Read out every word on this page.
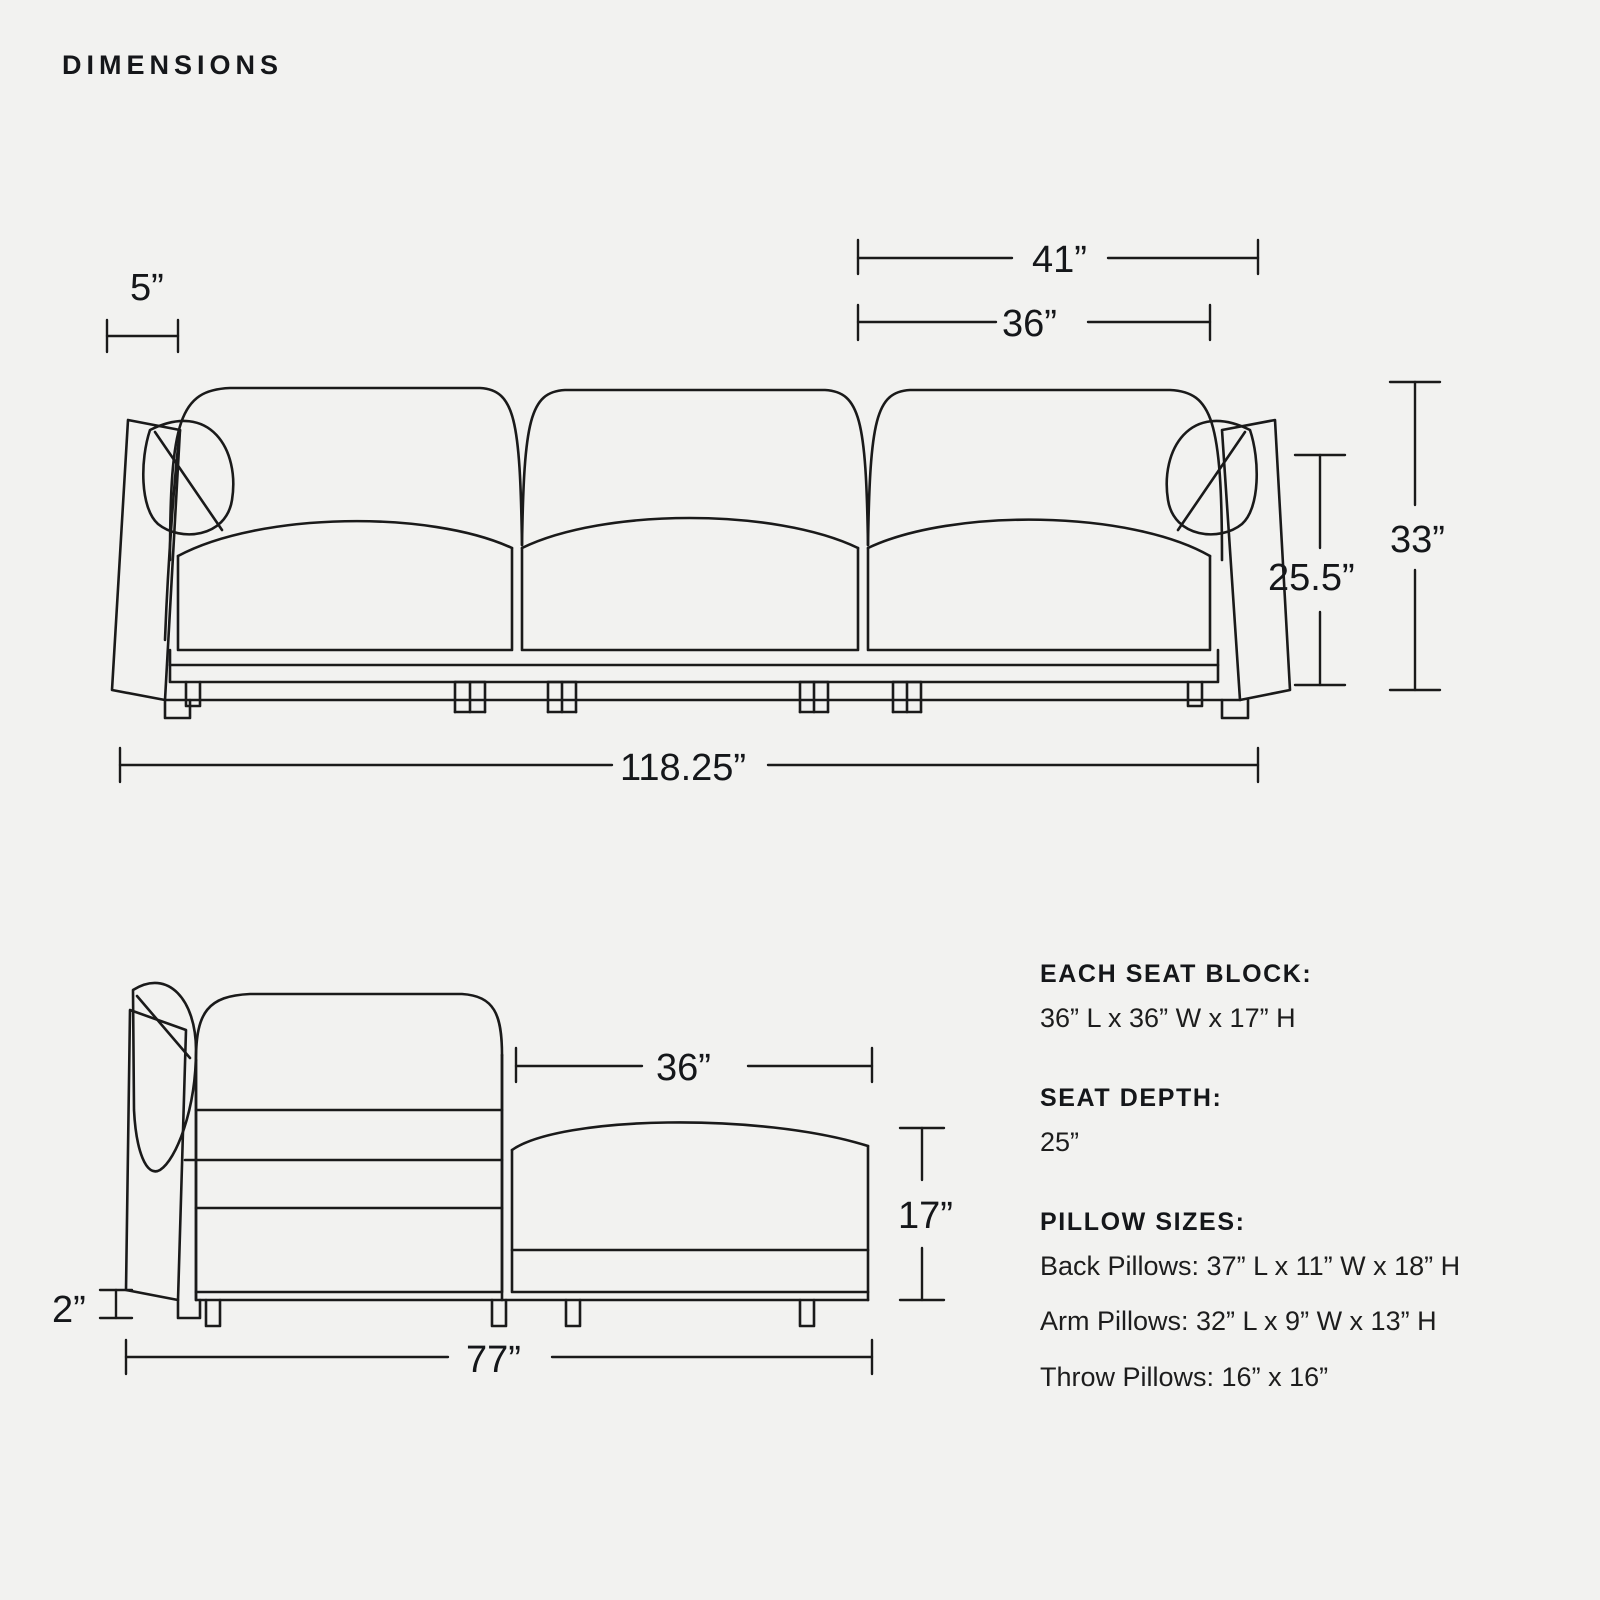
DIMENSIONS
5”
41”
36”
25.5”
33”
118.25”
2”
36”
17”
77”

EACH SEAT BLOCK:

36” L x 36” W x 17” H

SEAT DEPTH:

25”

PILLOW SIZES:

Back Pillows: 37” L x 11” W x 18” H

Arm Pillows: 32” L x 9” W x 13” H

Throw Pillows: 16” x 16”
